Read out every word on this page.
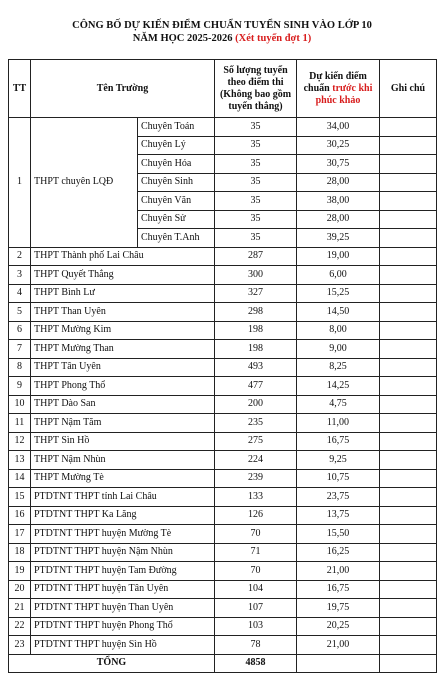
CÔNG BỐ DỰ KIẾN ĐIỂM CHUẨN TUYỂN SINH VÀO LỚP 10
NĂM HỌC 2025-2026 (Xét tuyển đợt 1)
TT	Tên Trường		Số lượng tuyển theo điểm thi (Không bao gồm tuyển thẳng)	Dự kiến điểm chuẩn trước khi phúc khảo	Ghi chú
1	THPT chuyên LQĐ	Chuyên Toán	35	34,00	
		Chuyên Lý	35	30,25	
		Chuyên Hóa	35	30,75	
		Chuyên Sinh	35	28,00	
		Chuyên Văn	35	38,00	
		Chuyên Sử	35	28,00	
		Chuyên T.Anh	35	39,25	
2	THPT Thành phố Lai Châu		287	19,00	
3	THPT Quyết Thắng		300	6,00	
4	THPT Bình Lư		327	15,25	
5	THPT Than Uyên		298	14,50	
6	THPT Mường Kim		198	8,00	
7	THPT Mường Than		198	9,00	
8	THPT Tân Uyên		493	8,25	
9	THPT Phong Thổ		477	14,25	
10	THPT Dào San		200	4,75	
11	THPT Nậm Tăm		235	11,00	
12	THPT Sìn Hồ		275	16,75	
13	THPT Nậm Nhùn		224	9,25	
14	THPT Mường Tè		239	10,75	
15	PTDTNT THPT tỉnh Lai Châu		133	23,75	
16	PTDTNT THPT Ka Lăng		126	13,75	
17	PTDTNT THPT huyện Mường Tè		70	15,50	
18	PTDTNT THPT huyện Nậm Nhùn		71	16,25	
19	PTDTNT THPT huyện Tam Đường		70	21,00	
20	PTDTNT THPT huyện Tân Uyên		104	16,75	
21	PTDTNT THPT huyện Than Uyên		107	19,75	
22	PTDTNT THPT huyện Phong Thổ		103	20,25	
23	PTDTNT THPT huyện Sìn Hồ		78	21,00	
TỔNG			4858		
